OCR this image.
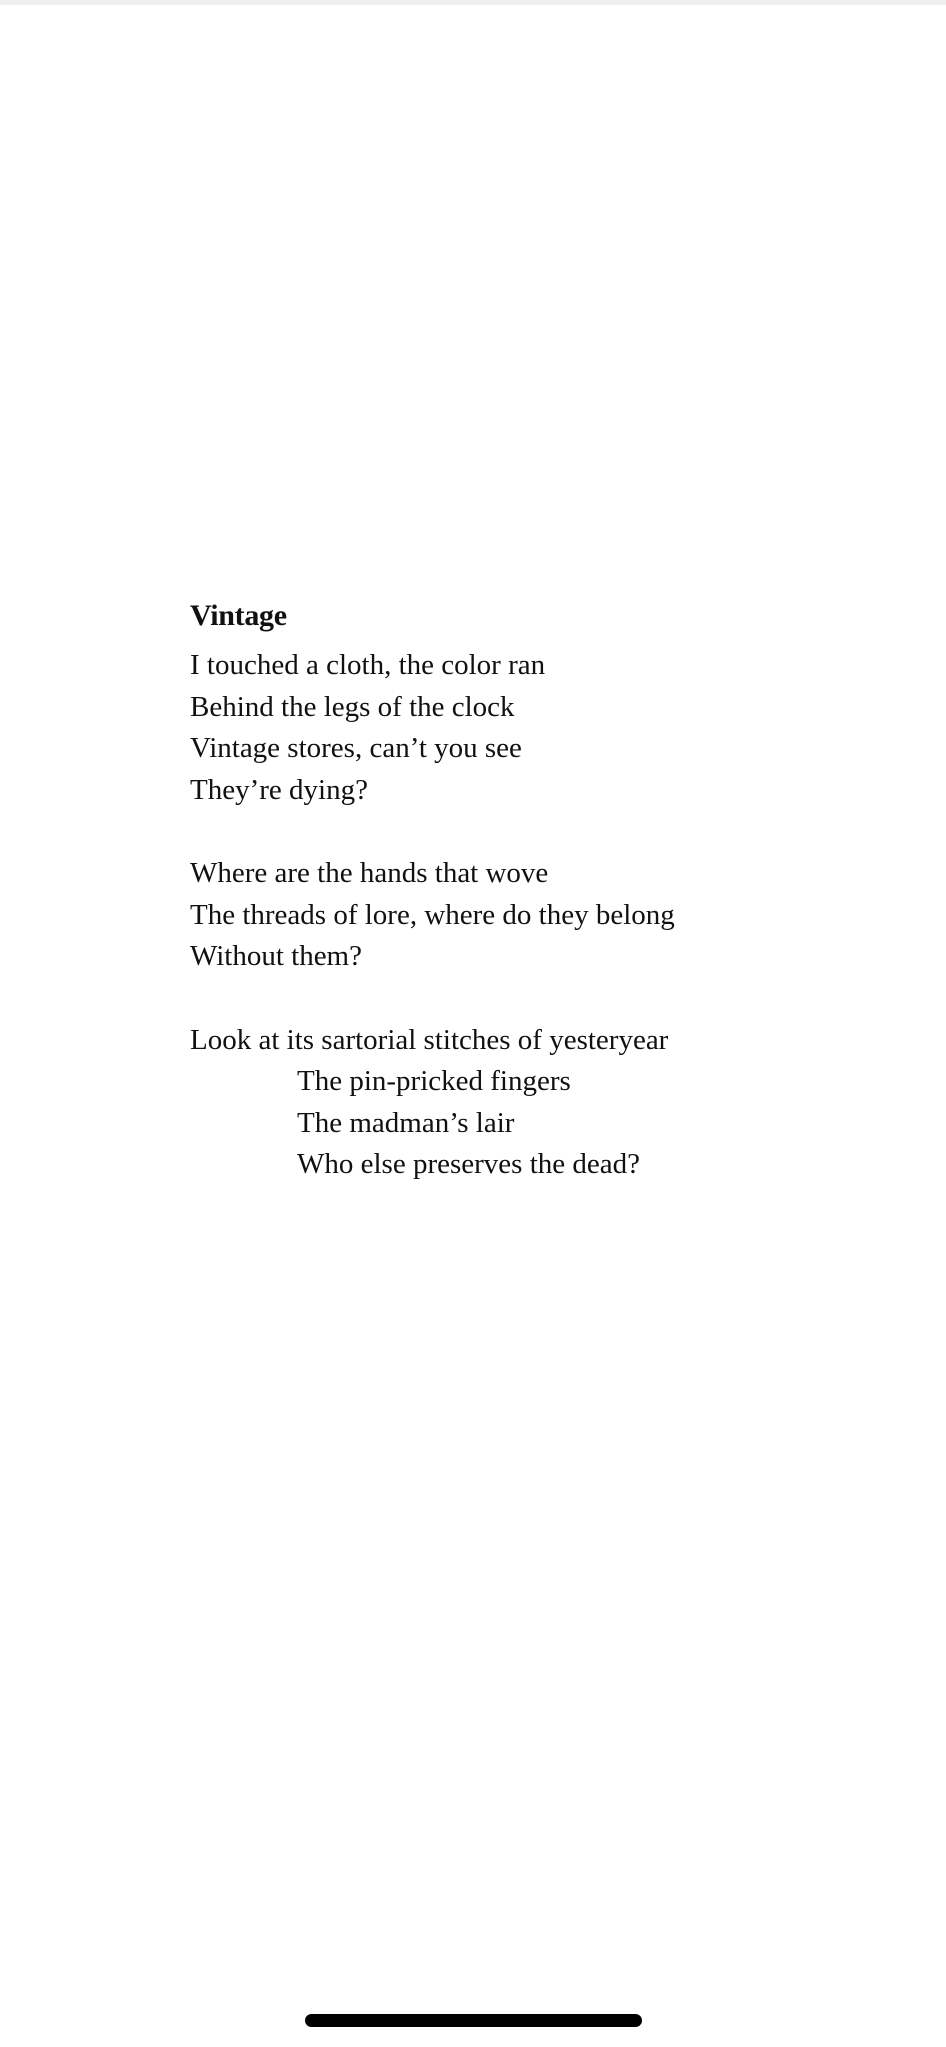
Vintage
I touched a cloth, the color ran
Behind the legs of the clock
Vintage stores, can’t you see
They’re dying?
Where are the hands that wove
The threads of lore, where do they belong
Without them?
Look at its sartorial stitches of yesteryear
The pin-pricked fingers
The madman’s lair
Who else preserves the dead?
